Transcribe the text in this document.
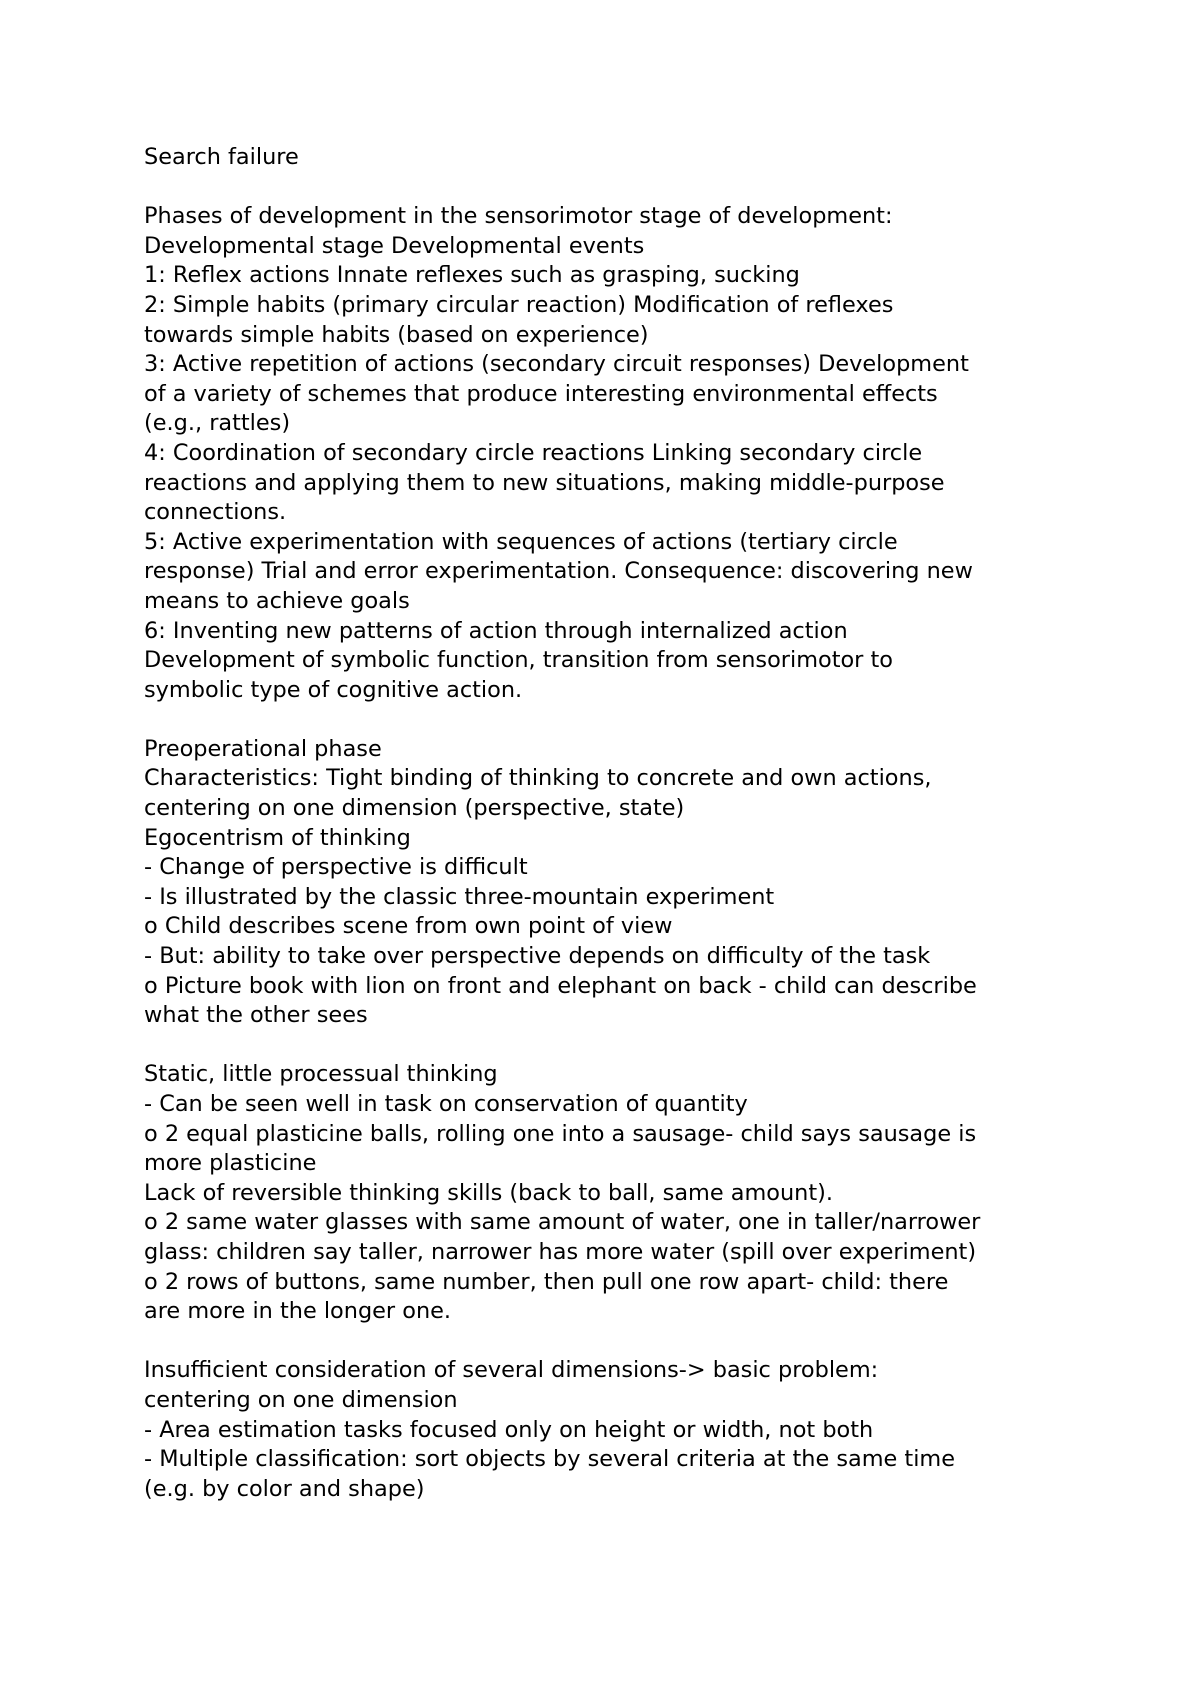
Search failure
Phases of development in the sensorimotor stage of development:
Developmental stage Developmental events
1: Reflex actions Innate reflexes such as grasping, sucking
2: Simple habits (primary circular reaction) Modification of reflexes
towards simple habits (based on experience)
3: Active repetition of actions (secondary circuit responses) Development
of a variety of schemes that produce interesting environmental effects
(e.g., rattles)
4: Coordination of secondary circle reactions Linking secondary circle
reactions and applying them to new situations, making middle-purpose
connections.
5: Active experimentation with sequences of actions (tertiary circle
response) Trial and error experimentation. Consequence: discovering new
means to achieve goals
6: Inventing new patterns of action through internalized action
Development of symbolic function, transition from sensorimotor to
symbolic type of cognitive action.
Preoperational phase
Characteristics: Tight binding of thinking to concrete and own actions,
centering on one dimension (perspective, state)
Egocentrism of thinking
- Change of perspective is difficult
- Is illustrated by the classic three-mountain experiment
o Child describes scene from own point of view
- But: ability to take over perspective depends on difficulty of the task
o Picture book with lion on front and elephant on back - child can describe
what the other sees
Static, little processual thinking
- Can be seen well in task on conservation of quantity
o 2 equal plasticine balls, rolling one into a sausage- child says sausage is
more plasticine
Lack of reversible thinking skills (back to ball, same amount).
o 2 same water glasses with same amount of water, one in taller/narrower
glass: children say taller, narrower has more water (spill over experiment)
o 2 rows of buttons, same number, then pull one row apart- child: there
are more in the longer one.
Insufficient consideration of several dimensions-> basic problem:
centering on one dimension
- Area estimation tasks focused only on height or width, not both
- Multiple classification: sort objects by several criteria at the same time
(e.g. by color and shape)
